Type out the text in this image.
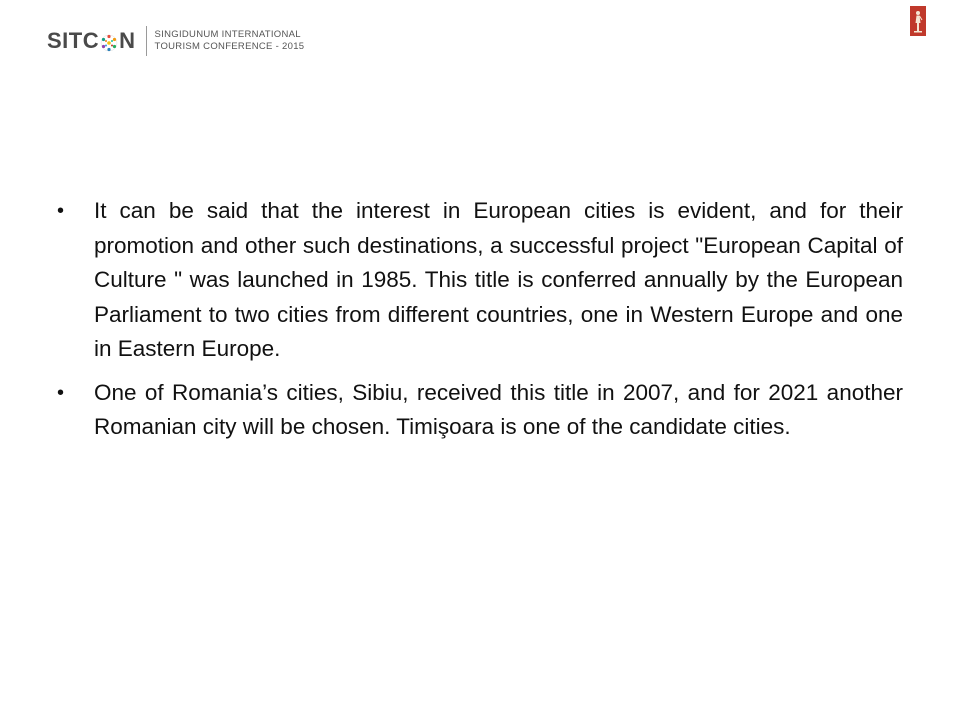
SITC N SINGIDUNUM INTERNATIONAL
TOURISM CONFERENCE - 2015
•	It can be said that the interest in European cities is evident, and for their promotion and other such destinations, a successful project "European Capital of Culture " was launched in 1985. This title is conferred annually by the European Parliament to two cities from different countries, one in Western Europe and one in Eastern Europe.
•	One of Romania’s cities, Sibiu, received this title in 2007, and for 2021 another Romanian city will be chosen. Timişoara is one of the candidate cities.
